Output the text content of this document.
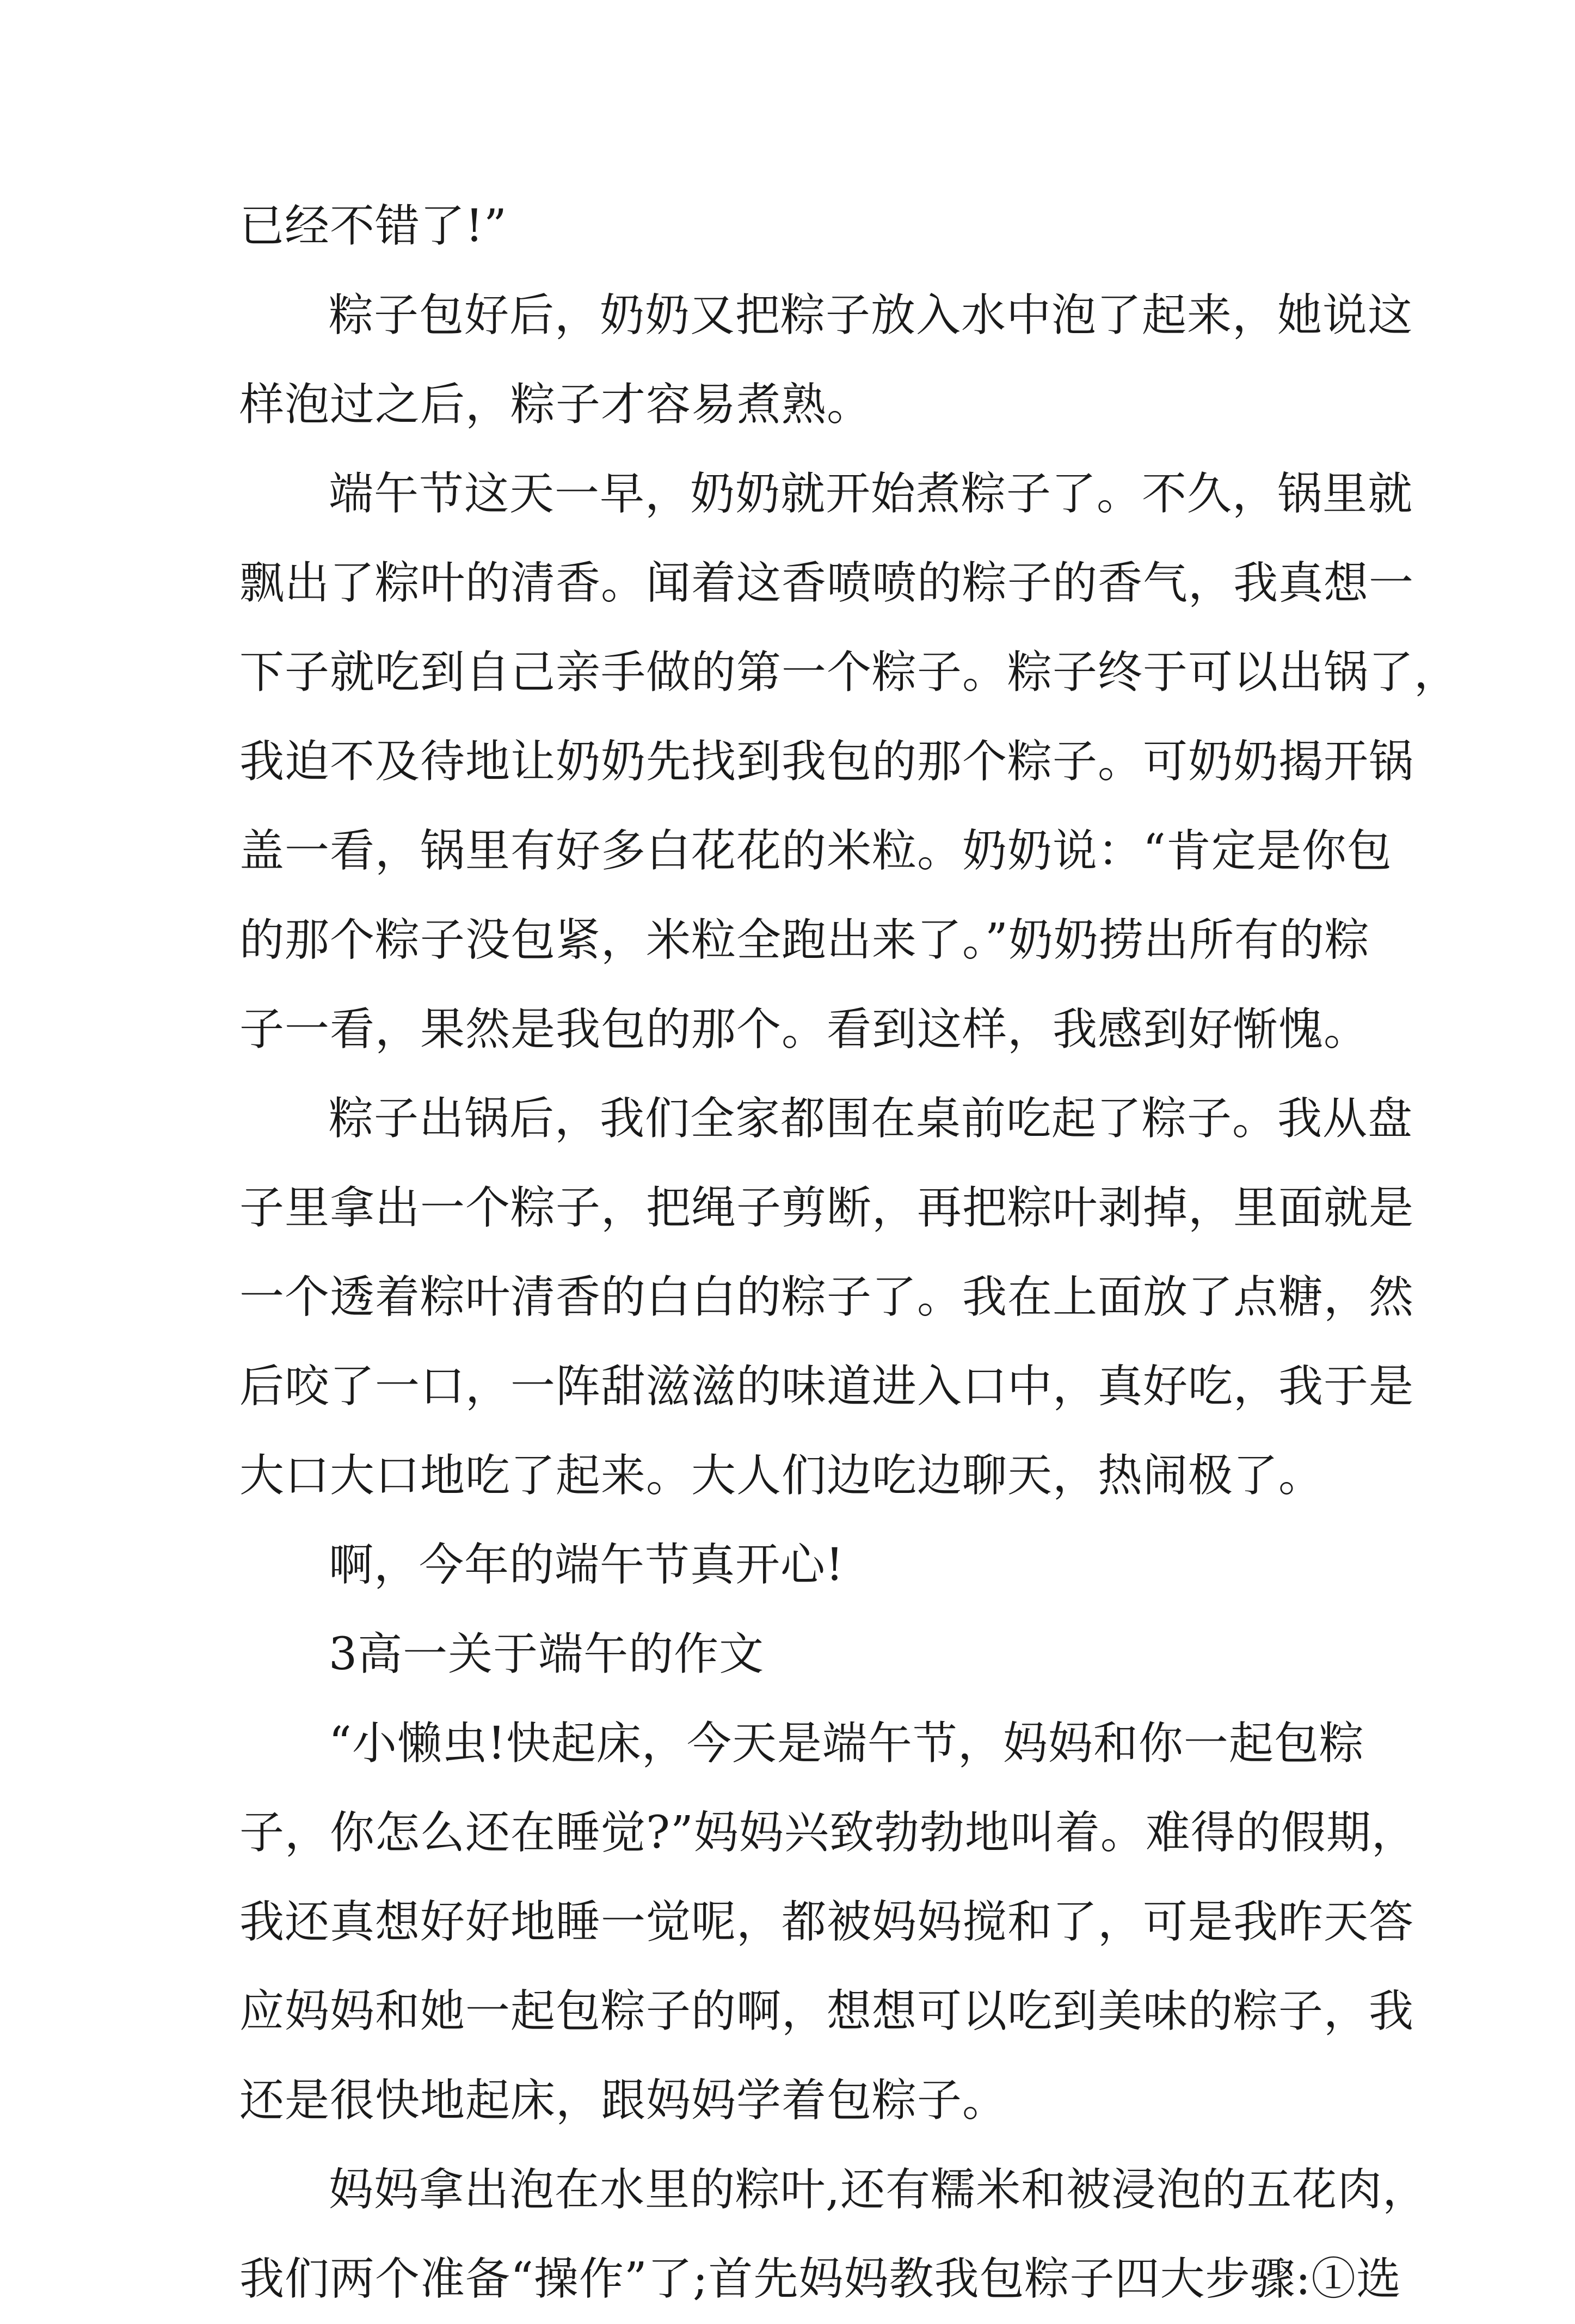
已经不错了!”
粽子包好后，奶奶又把粽子放入水中泡了起来，她说这
样泡过之后，粽子才容易煮熟。
端午节这天一早，奶奶就开始煮粽子了。不久，锅里就
飘出了粽叶的清香。闻着这香喷喷的粽子的香气，我真想一
下子就吃到自己亲手做的第一个粽子。粽子终于可以出锅了，
我迫不及待地让奶奶先找到我包的那个粽子。可奶奶揭开锅
盖一看，锅里有好多白花花的米粒。奶奶说：“肯定是你包
的那个粽子没包紧，米粒全跑出来了。”奶奶捞出所有的粽
子一看，果然是我包的那个。看到这样，我感到好惭愧。
粽子出锅后，我们全家都围在桌前吃起了粽子。我从盘
子里拿出一个粽子，把绳子剪断，再把粽叶剥掉，里面就是
一个透着粽叶清香的白白的粽子了。我在上面放了点糖，然
后咬了一口，一阵甜滋滋的味道进入口中，真好吃，我于是
大口大口地吃了起来。大人们边吃边聊天，热闹极了。
啊，今年的端午节真开心!
3高一关于端午的作文
“小懒虫!快起床，今天是端午节，妈妈和你一起包粽
子，你怎么还在睡觉?”妈妈兴致勃勃地叫着。难得的假期，
我还真想好好地睡一觉呢，都被妈妈搅和了，可是我昨天答
应妈妈和她一起包粽子的啊，想想可以吃到美味的粽子，我
还是很快地起床，跟妈妈学着包粽子。
妈妈拿出泡在水里的粽叶,还有糯米和被浸泡的五花肉，
我们两个准备“操作”了;首先妈妈教我包粽子四大步骤:①选
